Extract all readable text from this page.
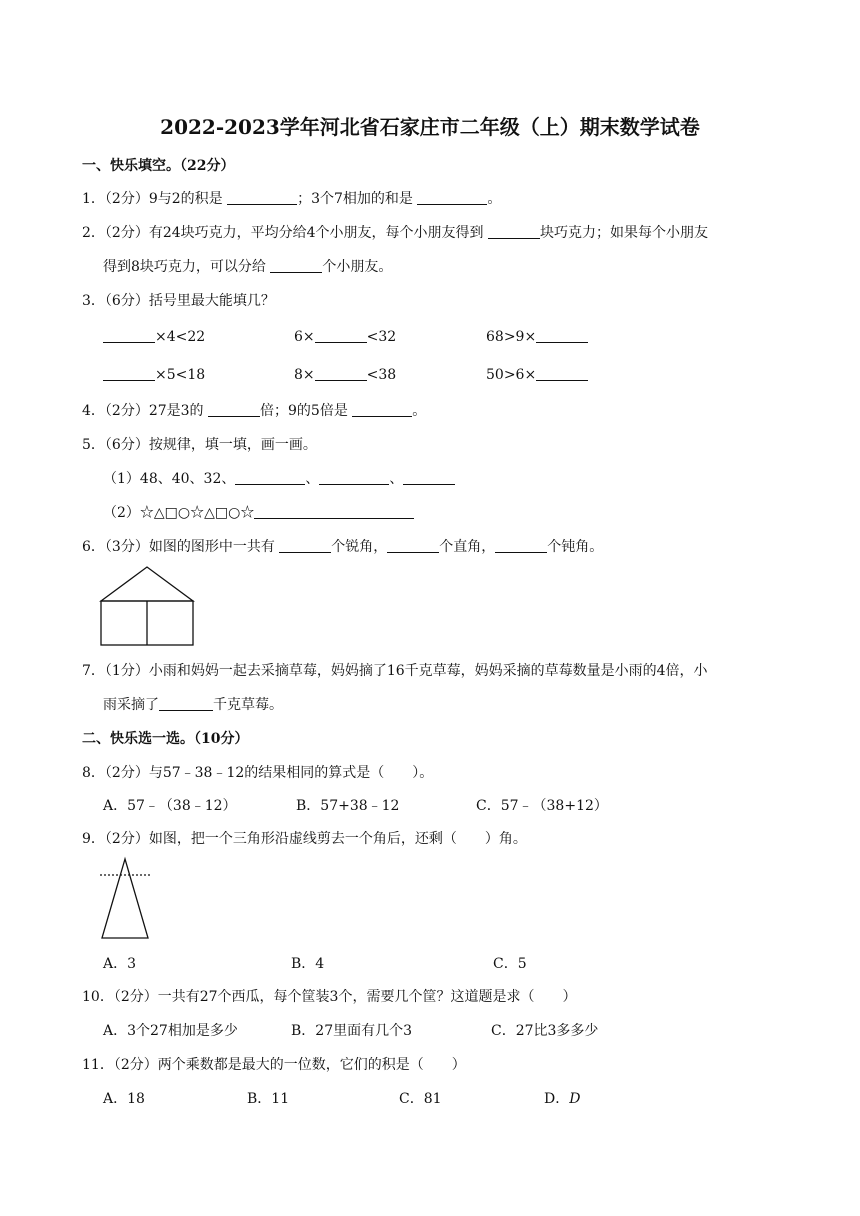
2022-2023学年河北省石家庄市二年级（上）期末数学试卷
一、快乐填空。（22分）
1．（2分）9与2的积是	；3个7相加的和是	。
2．（2分）有24块巧克力，平均分给4个小朋友，每个小朋友得到	块巧克力；如果每个小朋友
得到8块巧克力，可以分给	个小朋友。
3．（6分）括号里最大能填几？
×4<22	6×	<32	68>9×
×5<18	8×	<38	50>6×
4．（2分）27是3的	倍；9的5倍是	。
5．（6分）按规律，填一填，画一画。
（1）48、40、32、	、	、
（2）☆△□○☆△□○☆
6．（3分）如图的图形中一共有	个锐角，	个直角，	个钝角。
7．（1分）小雨和妈妈一起去采摘草莓，妈妈摘了16千克草莓，妈妈采摘的草莓数量是小雨的4倍，小
雨采摘了	千克草莓。
二、快乐选一选。（10分）
8．（2分）与57﹣38﹣12的结果相同的算式是（　　）。
A．57﹣（38﹣12）	B．57+38﹣12	C．57﹣（38+12）
9．（2分）如图，把一个三角形沿虚线剪去一个角后，还剩（　　）角。
A．3	B．4	C．5
10．（2分）一共有27个西瓜，每个筐装3个，需要几个筐？这道题是求（　　）
A．3个27相加是多少	B．27里面有几个3	C．27比3多多少
11．（2分）两个乘数都是最大的一位数，它们的积是（　　）
A．18	B．11	C．81	D．D
